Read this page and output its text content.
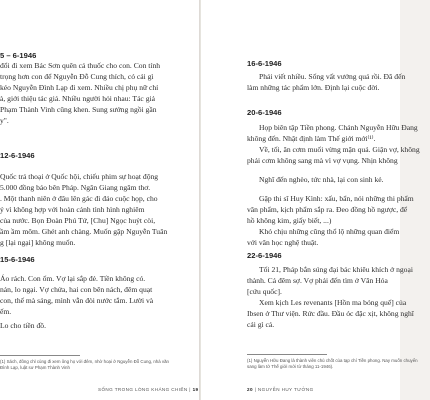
5 – 6-1946
đổi đi xem Bác Sơn quên cả thuốc cho con. Con tính
trọng hơn con để Nguyễn Đỗ Cung thích, có cái gì
kéo Nguyễn Đình Lạp đi xem. Nhiều chị phụ nữ chỉ
à, giới thiệu tác giả. Nhiều người hỏi nhau: Tác giả
Phạm Thành Vinh cũng khen. Sung sướng ngồi gần
y".
12-6-1946
Quốc trả thoại ở Quốc hội, chiếu phim sự hoạt động
5.000 đồng báo bên Pháp. Ngân Giang ngâm thơ.
. Một thanh niên ở đâu lên gác đi đảo cuộc họp, cho
ý vì không hợp với hoàn cảnh tình hình nghiêm
của nước. Bọn Đoàn Phú Tứ, [Chu] Ngọc huýt còi,
ầm ầm mõm. Ghét anh chàng. Muốn gặp Nguyễn Tuân
g [lại ngại] không muốn.
15-6-1946
Áo rách. Con ốm. Vợ lại sắp đẻ. Tiền không có.
nản, lo ngại. Vợ chửa, hai con bên nách, đêm quạt
con, thế mà sáng, mình vẫn đòi nước tắm. Lười và
ếm.
Lo cho tiền đồ.
(1) Sách, đông chỉ cùng đi xem ông họ với đêm, nhờ hoại ở Nguyễn Đỗ Cung, nhà văn
Đình Lạp, luật sư Phạm Thành Vinh
SỐNG TRONG LÒNG KHÁNG CHIẾN | 19
16-6-1946
Phải viết nhiều. Sống vất vưởng quá rồi. Đã đến
làm những tác phẩm lớn. Định lại cuộc đời.
20-6-1946
Họp biên tập Tiền phong. Chánh Nguyễn Hữu Đang
không đến. Nhật định làm Thế giới mới⁽¹⁾.
Về, tối, ăn cơm muối vừng mặn quá. Giận vợ, không
phải cơm không sang mà vì vợ vụng. Nhịn không
Nghĩ đến nghèo, tức nhà, lại con sinh kẻ.
Gặp thi sĩ Huy Kình: xấu, bẩn, nói những thi phẩm
văn phẩm, kịch phẩm sắp ra. Đeo đồng hồ ngược, để
hồ không kim, giấy biết, ...)
Khó chịu những cũng thổ lộ những quan điểm
với văn học nghệ thuật.
22-6-1946
Tối 21, Pháp bắn súng đại bác khiêu khích ở ngoại
thành. Cả đêm sợ. Vợ phải đến tìm ở Văn Hóa
[cứu quốc].
Xem kịch Les revenants [Hồn ma bóng quế] của
Ibsen ở Thư viện. Rức đầu. Đầu óc đặc xịt, không nghĩ
cái gì cả.
(1) Nguyễn Hữu Đang là thành viên chủ chốt của tạp chí Tiền phong. Nay muốn chuyển
sang làm tờ Thế giới mới từ tháng 11-1946).
20 | NGUYỄN HUY TƯỞNG
